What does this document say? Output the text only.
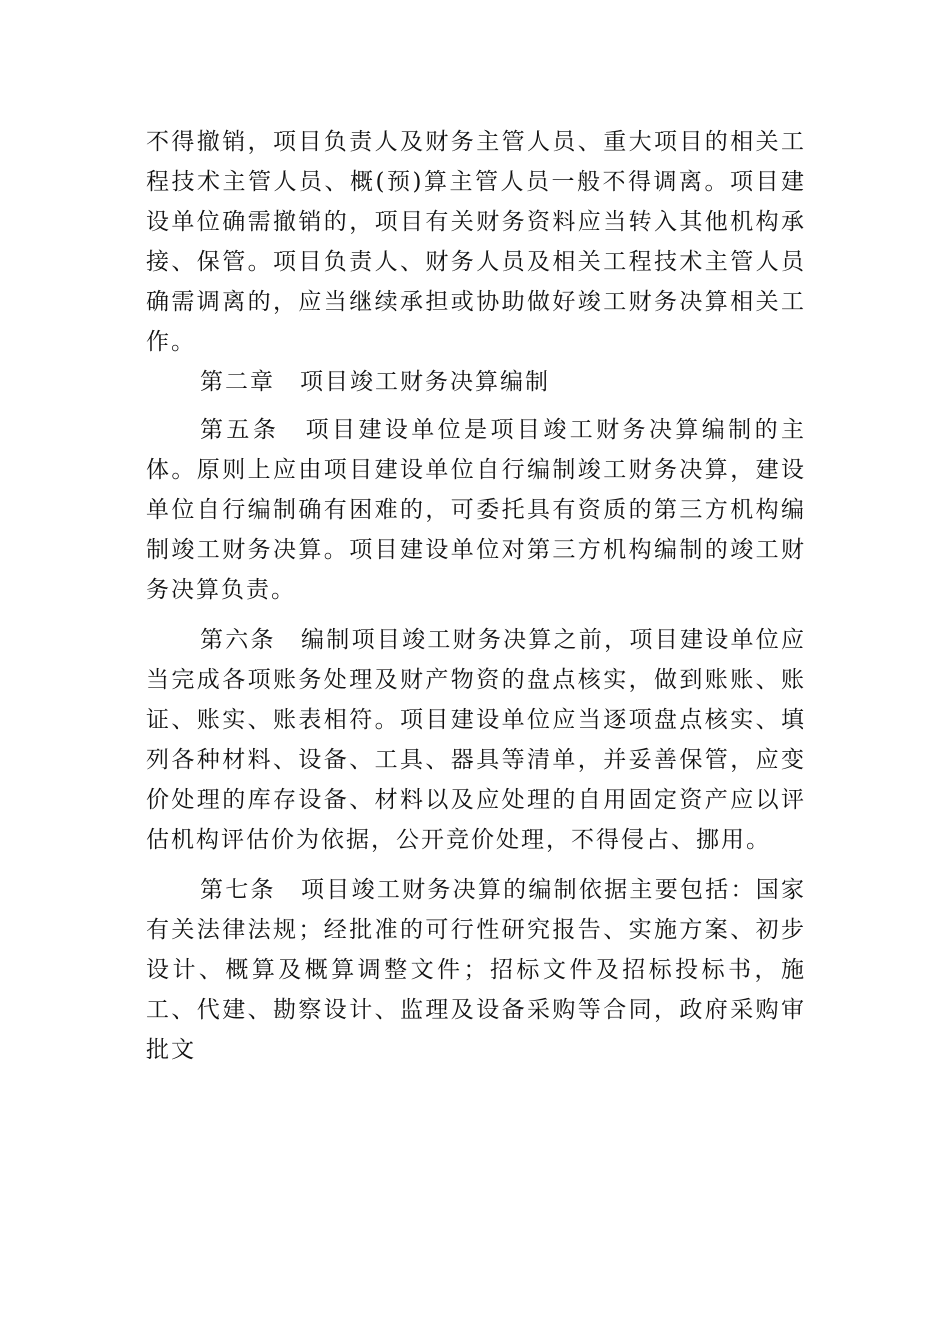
不得撤销，项目负责人及财务主管人员、重大项目的相关工程技术主管人员、概(预)算主管人员一般不得调离。项目建设单位确需撤销的，项目有关财务资料应当转入其他机构承接、保管。项目负责人、财务人员及相关工程技术主管人员确需调离的，应当继续承担或协助做好竣工财务决算相关工作。

第二章　项目竣工财务决算编制

第五条　项目建设单位是项目竣工财务决算编制的主体。原则上应由项目建设单位自行编制竣工财务决算，建设单位自行编制确有困难的，可委托具有资质的第三方机构编制竣工财务决算。项目建设单位对第三方机构编制的竣工财务决算负责。

第六条　编制项目竣工财务决算之前，项目建设单位应当完成各项账务处理及财产物资的盘点核实，做到账账、账证、账实、账表相符。项目建设单位应当逐项盘点核实、填列各种材料、设备、工具、器具等清单，并妥善保管，应变价处理的库存设备、材料以及应处理的自用固定资产应以评估机构评估价为依据，公开竞价处理，不得侵占、挪用。

第七条　项目竣工财务决算的编制依据主要包括：国家有关法律法规；经批准的可行性研究报告、实施方案、初步设计、概算及概算调整文件；招标文件及招标投标书，施工、代建、勘察设计、监理及设备采购等合同，政府采购审批文
